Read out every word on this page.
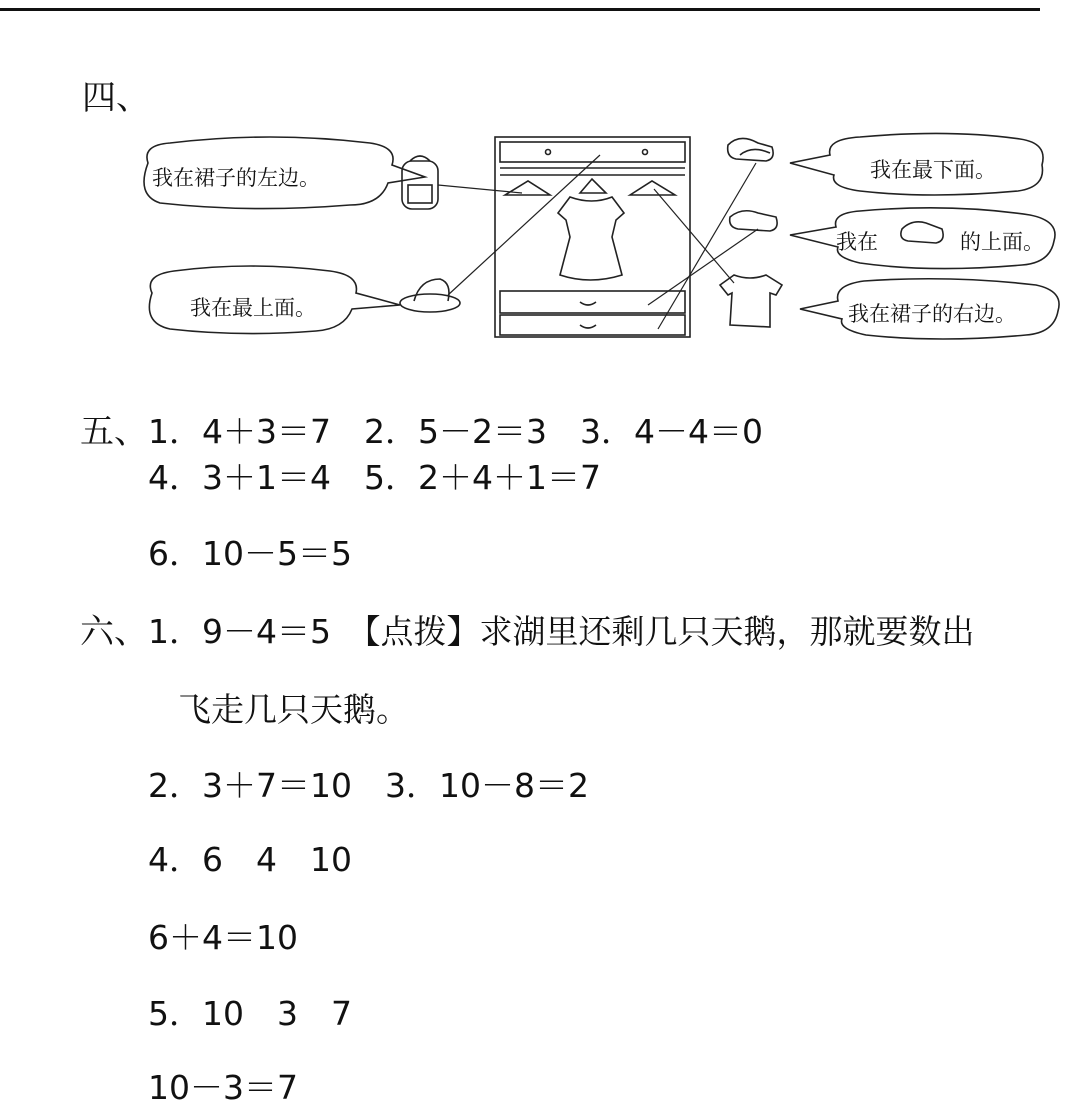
四、
我在裙子的左边。
我在最上面。
我在最下面。
我在	的上面。
我在裙子的右边。
五、 1．4＋3＝7　2．5－2＝3　3．4－4＝0
4．3＋1＝4　5．2＋4＋1＝7
6．10－5＝5
六、 1．9－4＝5　【点拨】求湖里还剩几只天鹅，那就要数出
飞走几只天鹅。
2．3＋7＝10　3．10－8＝2
4．6　4　10
6＋4＝10
5．10　3　7
10－3＝7
